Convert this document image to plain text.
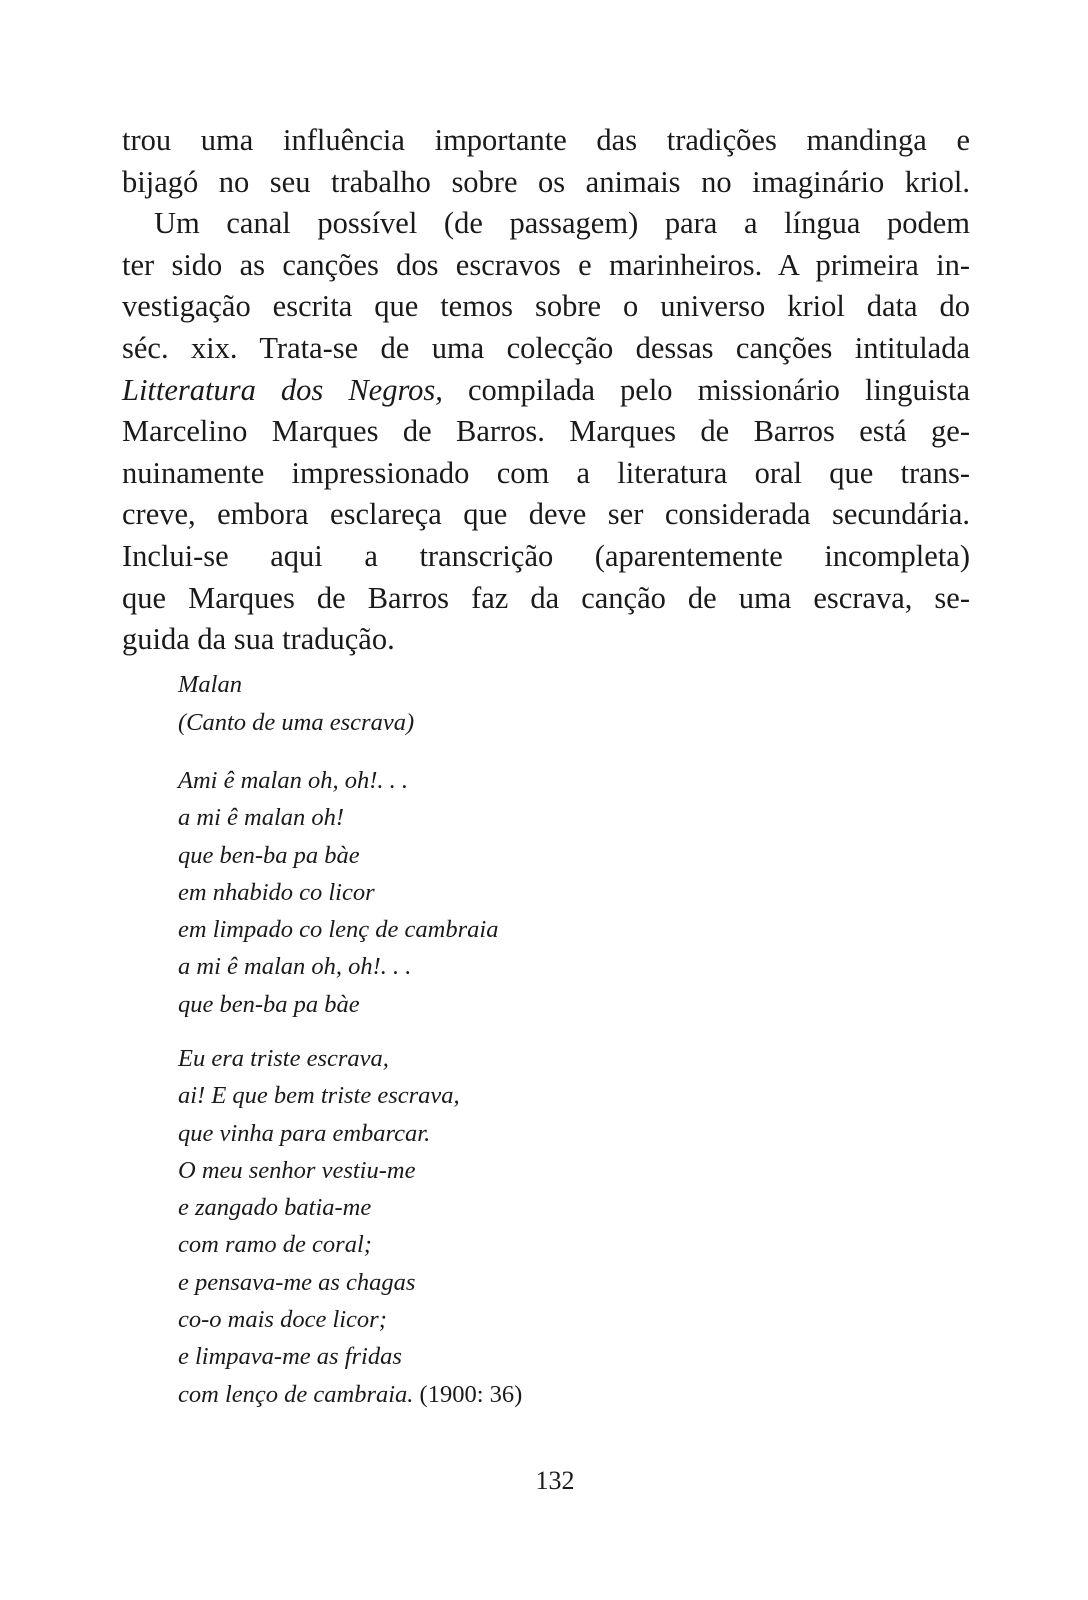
trou uma influência importante das tradições mandinga e
bijagó no seu trabalho sobre os animais no imaginário kriol.
Um canal possível (de passagem) para a língua podem
ter sido as canções dos escravos e marinheiros. A primeira in-
vestigação escrita que temos sobre o universo kriol data do
séc. xix. Trata-se de uma colecção dessas canções intitulada
Litteratura dos Negros, compilada pelo missionário linguista
Marcelino Marques de Barros. Marques de Barros está ge-
nuinamente impressionado com a literatura oral que trans-
creve, embora esclareça que deve ser considerada secundária.
Inclui-se aqui a transcrição (aparentemente incompleta)
que Marques de Barros faz da canção de uma escrava, se-
guida da sua tradução.
Malan
(Canto de uma escrava)
Ami ê malan oh, oh!. . .
a mi ê malan oh!
que ben-ba pa bàe
em nhabido co licor
em limpado co lenç de cambraia
a mi ê malan oh, oh!. . .
que ben-ba pa bàe
Eu era triste escrava,
ai! E que bem triste escrava,
que vinha para embarcar.
O meu senhor vestiu-me
e zangado batia-me
com ramo de coral;
e pensava-me as chagas
co-o mais doce licor;
e limpava-me as fridas
com lenço de cambraia. (1900: 36)
132
